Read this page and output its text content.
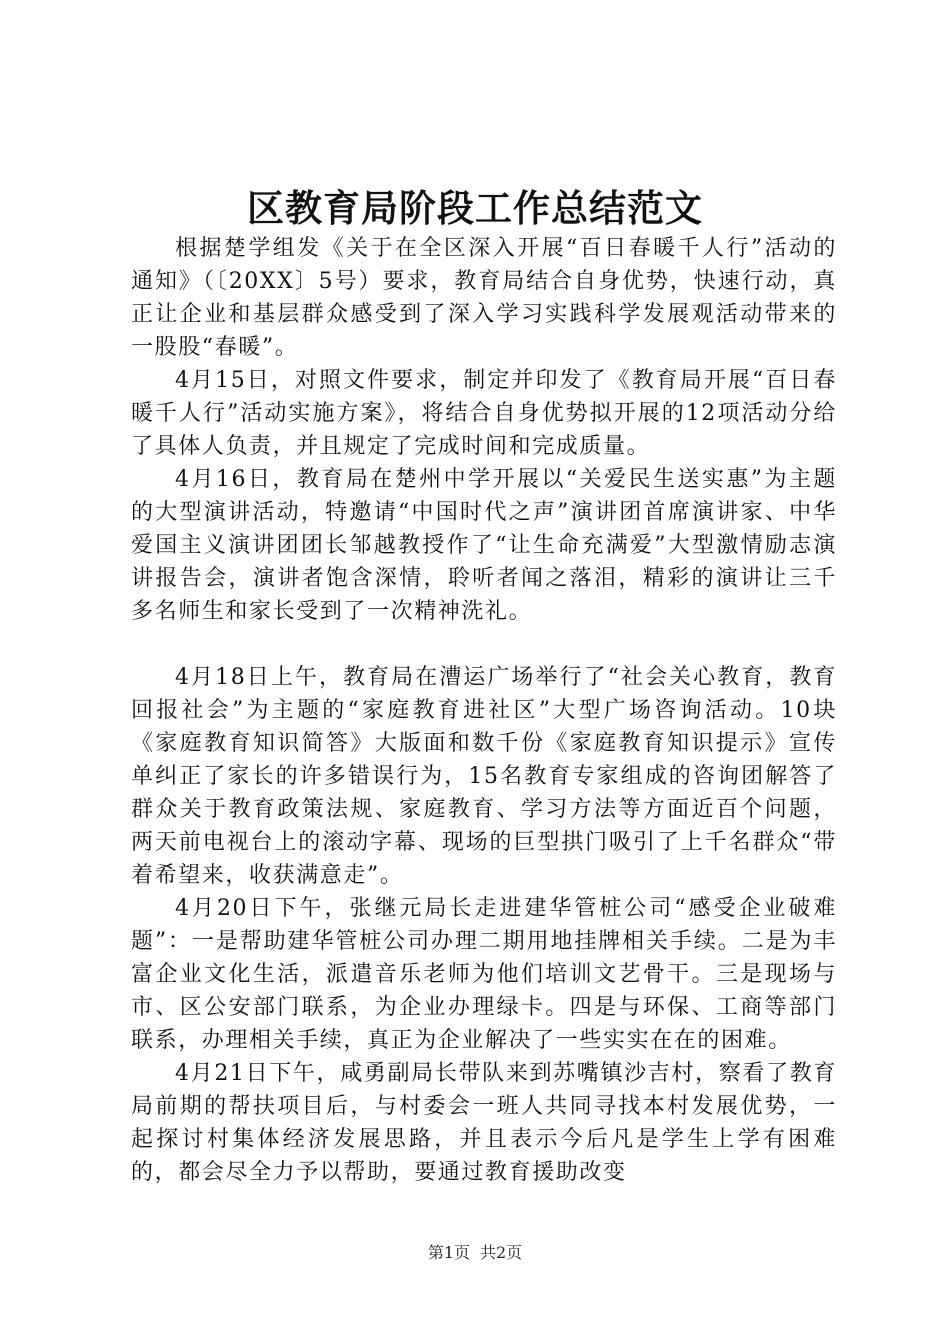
区教育局阶段工作总结范文

根据楚学组发《关于在全区深入开展“百日春暖千人行”活动的通知》（〔20XX〕5号）要求，教育局结合自身优势，快速行动，真正让企业和基层群众感受到了深入学习实践科学发展观活动带来的一股股“春暖”。

4月15日，对照文件要求，制定并印发了《教育局开展“百日春暖千人行”活动实施方案》，将结合自身优势拟开展的12项活动分给了具体人负责，并且规定了完成时间和完成质量。

4月16日，教育局在楚州中学开展以“关爱民生送实惠”为主题的大型演讲活动，特邀请“中国时代之声”演讲团首席演讲家、中华爱国主义演讲团团长邹越教授作了“让生命充满爱”大型激情励志演讲报告会，演讲者饱含深情，聆听者闻之落泪，精彩的演讲让三千多名师生和家长受到了一次精神洗礼。

4月18日上午，教育局在漕运广场举行了“社会关心教育，教育回报社会”为主题的“家庭教育进社区”大型广场咨询活动。10块《家庭教育知识简答》大版面和数千份《家庭教育知识提示》宣传单纠正了家长的许多错误行为，15名教育专家组成的咨询团解答了群众关于教育政策法规、家庭教育、学习方法等方面近百个问题，两天前电视台上的滚动字幕、现场的巨型拱门吸引了上千名群众“带着希望来，收获满意走”。

4月20日下午，张继元局长走进建华管桩公司“感受企业破难题”：一是帮助建华管桩公司办理二期用地挂牌相关手续。二是为丰富企业文化生活，派遣音乐老师为他们培训文艺骨干。三是现场与市、区公安部门联系，为企业办理绿卡。四是与环保、工商等部门联系，办理相关手续，真正为企业解决了一些实实在在的困难。

4月21日下午，咸勇副局长带队来到苏嘴镇沙吉村，察看了教育局前期的帮扶项目后，与村委会一班人共同寻找本村发展优势，一起探讨村集体经济发展思路，并且表示今后凡是学生上学有困难的，都会尽全力予以帮助，要通过教育援助改变

第1页 共2页
